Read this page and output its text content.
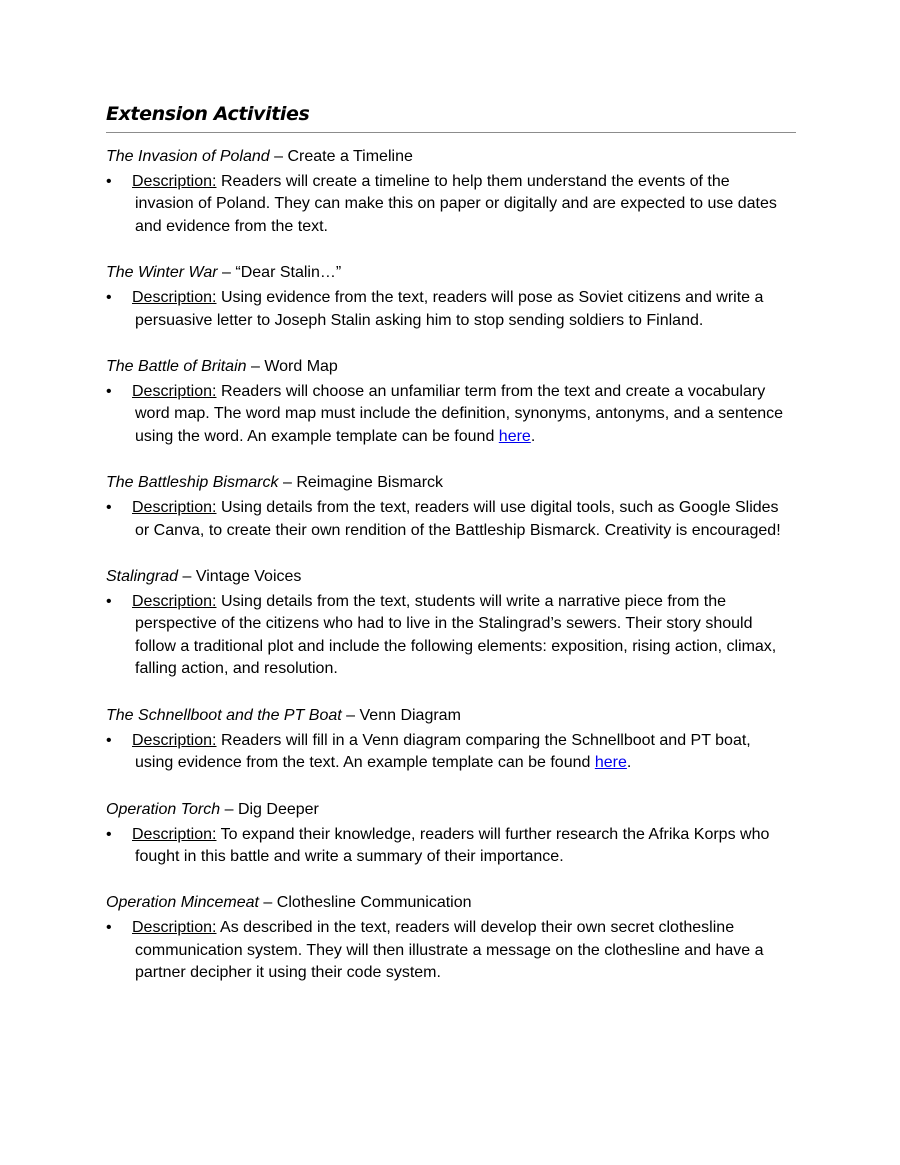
Extension Activities

The Invasion of Poland – Create a Timeline

• Description: Readers will create a timeline to help them understand the events of the
invasion of Poland. They can make this on paper or digitally and are expected to use dates
and evidence from the text.

The Winter War – “Dear Stalin…”

• Description: Using evidence from the text, readers will pose as Soviet citizens and write a
persuasive letter to Joseph Stalin asking him to stop sending soldiers to Finland.

The Battle of Britain – Word Map

• Description: Readers will choose an unfamiliar term from the text and create a vocabulary
word map. The word map must include the definition, synonyms, antonyms, and a sentence
using the word. An example template can be found here.

The Battleship Bismarck – Reimagine Bismarck

• Description: Using details from the text, readers will use digital tools, such as Google Slides
or Canva, to create their own rendition of the Battleship Bismarck. Creativity is encouraged!

Stalingrad – Vintage Voices

• Description: Using details from the text, students will write a narrative piece from the
perspective of the citizens who had to live in the Stalingrad’s sewers. Their story should
follow a traditional plot and include the following elements: exposition, rising action, climax,
falling action, and resolution.

The Schnellboot and the PT Boat – Venn Diagram

• Description: Readers will fill in a Venn diagram comparing the Schnellboot and PT boat,
using evidence from the text. An example template can be found here.

Operation Torch – Dig Deeper

• Description: To expand their knowledge, readers will further research the Afrika Korps who
fought in this battle and write a summary of their importance.

Operation Mincemeat – Clothesline Communication

• Description: As described in the text, readers will develop their own secret clothesline
communication system. They will then illustrate a message on the clothesline and have a
partner decipher it using their code system.
